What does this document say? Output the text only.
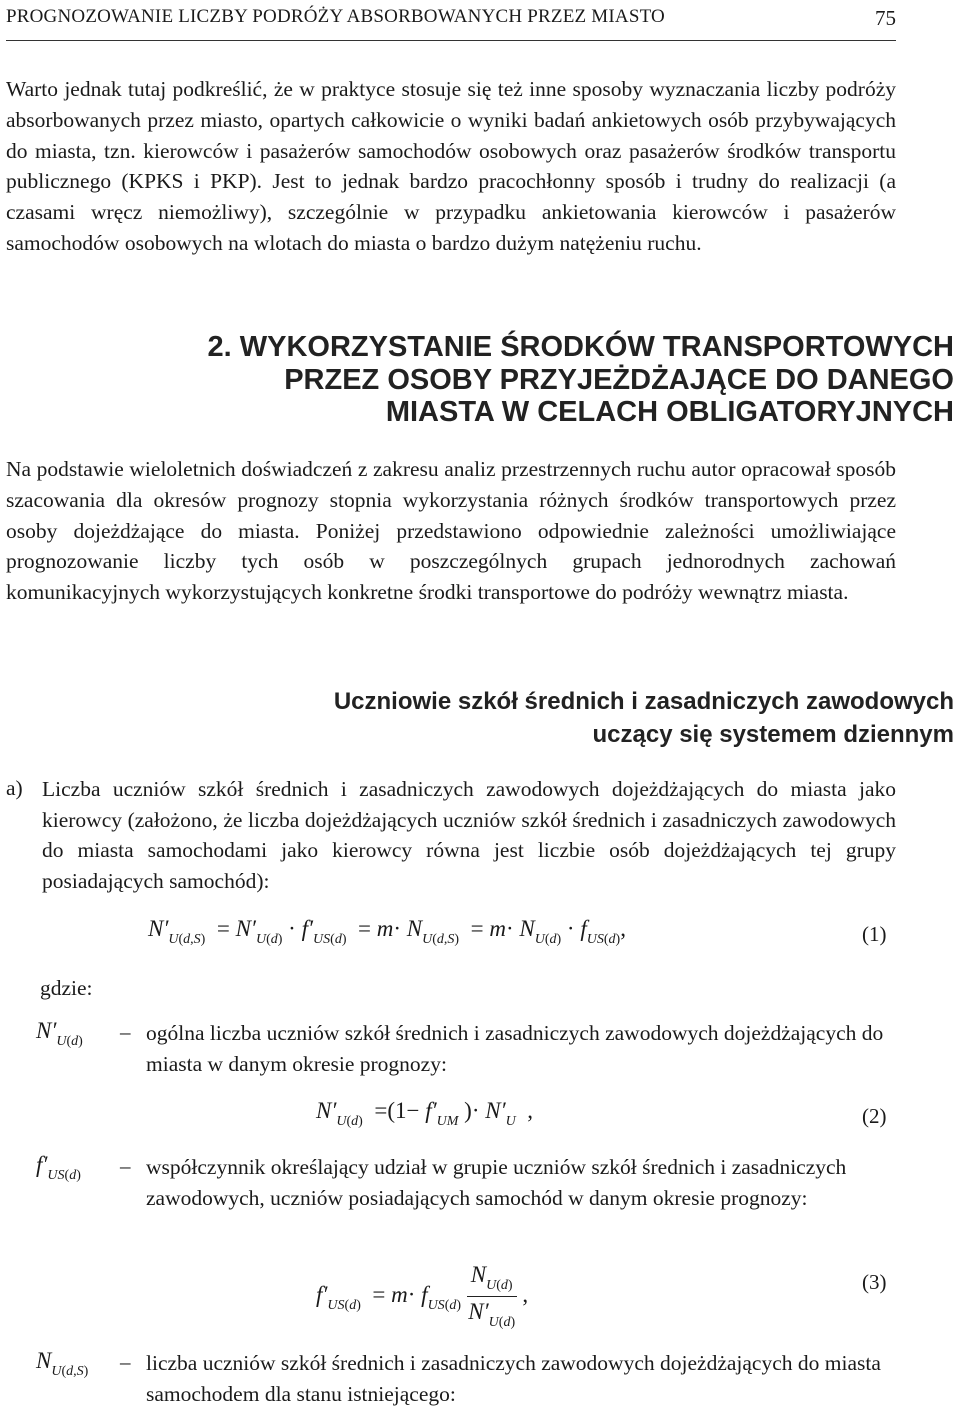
PROGNOZOWANIE LICZBY PODRÓŻY ABSORBOWANYCH PRZEZ MIASTO	75

Warto jednak tutaj podkreślić, że w praktyce stosuje się też inne sposoby wyznaczania liczby podróży absorbowanych przez miasto, opartych całkowicie o wyniki badań ankietowych osób przybywających do miasta, tzn. kierowców i pasażerów samochodów osobowych oraz pasażerów środków transportu publicznego (KPKS i PKP). Jest to jednak bardzo pracochłonny sposób i trudny do realizacji (a czasami wręcz niemożliwy), szczególnie w przypadku ankietowania kierowców i pasażerów samochodów osobowych na wlotach do miasta o bardzo dużym natężeniu ruchu.

2. WYKORZYSTANIE ŚRODKÓW TRANSPORTOWYCH
PRZEZ OSOBY PRZYJEŻDŻAJĄCE DO DANEGO
MIASTA W CELACH OBLIGATORYJNYCH

Na podstawie wieloletnich doświadczeń z zakresu analiz przestrzennych ruchu autor opracował sposób szacowania dla okresów prognozy stopnia wykorzystania różnych środków transportowych przez osoby dojeżdżające do miasta. Poniżej przedstawiono odpowiednie zależności umożliwiające prognozowanie liczby tych osób w poszczególnych grupach jednorodnych zachowań komunikacyjnych wykorzystujących konkretne środki transportowe do podróży wewnątrz miasta.

Uczniowie szkół średnich i zasadniczych zawodowych
uczący się systemem dziennym
a) Liczba uczniów szkół średnich i zasadniczych zawodowych dojeżdżających do miasta jako kierowcy (założono, że liczba dojeżdżających uczniów szkół średnich i zasadniczych zawodowych do miasta samochodami jako kierowcy równa jest liczbie osób dojeżdżających tej grupy posiadających samochód):
$N'_{U(d,S)} = N'_{U(d)} \cdot f'_{US(d)} = m\cdot N_{U(d,S)} = m\cdot N_{U(d)} \cdot f_{US(d)}$,	(1)
gdzie:
$N'_{U(d)}$ – ogólna liczba uczniów szkół średnich i zasadniczych zawodowych dojeżdżających do miasta w danym okresie prognozy:
$N'_{U(d)} =(1- f'_{UM}$ )· $N'_U$  ,	(2)
$f'_{US(d)}$ – współczynnik określający udział w grupie uczniów szkół średnich i zasadniczych zawodowych, uczniów posiadających samochód w danym okresie prognozy:
$f'_{US(d)} = m\cdot f_{US(d)} \frac{N_{U(d)}}{N'_{U(d)}}$ ,	(3)
$N_{U(d,S)}$ – liczba uczniów szkół średnich i zasadniczych zawodowych dojeżdżających do miasta samochodem dla stanu istniejącego:
